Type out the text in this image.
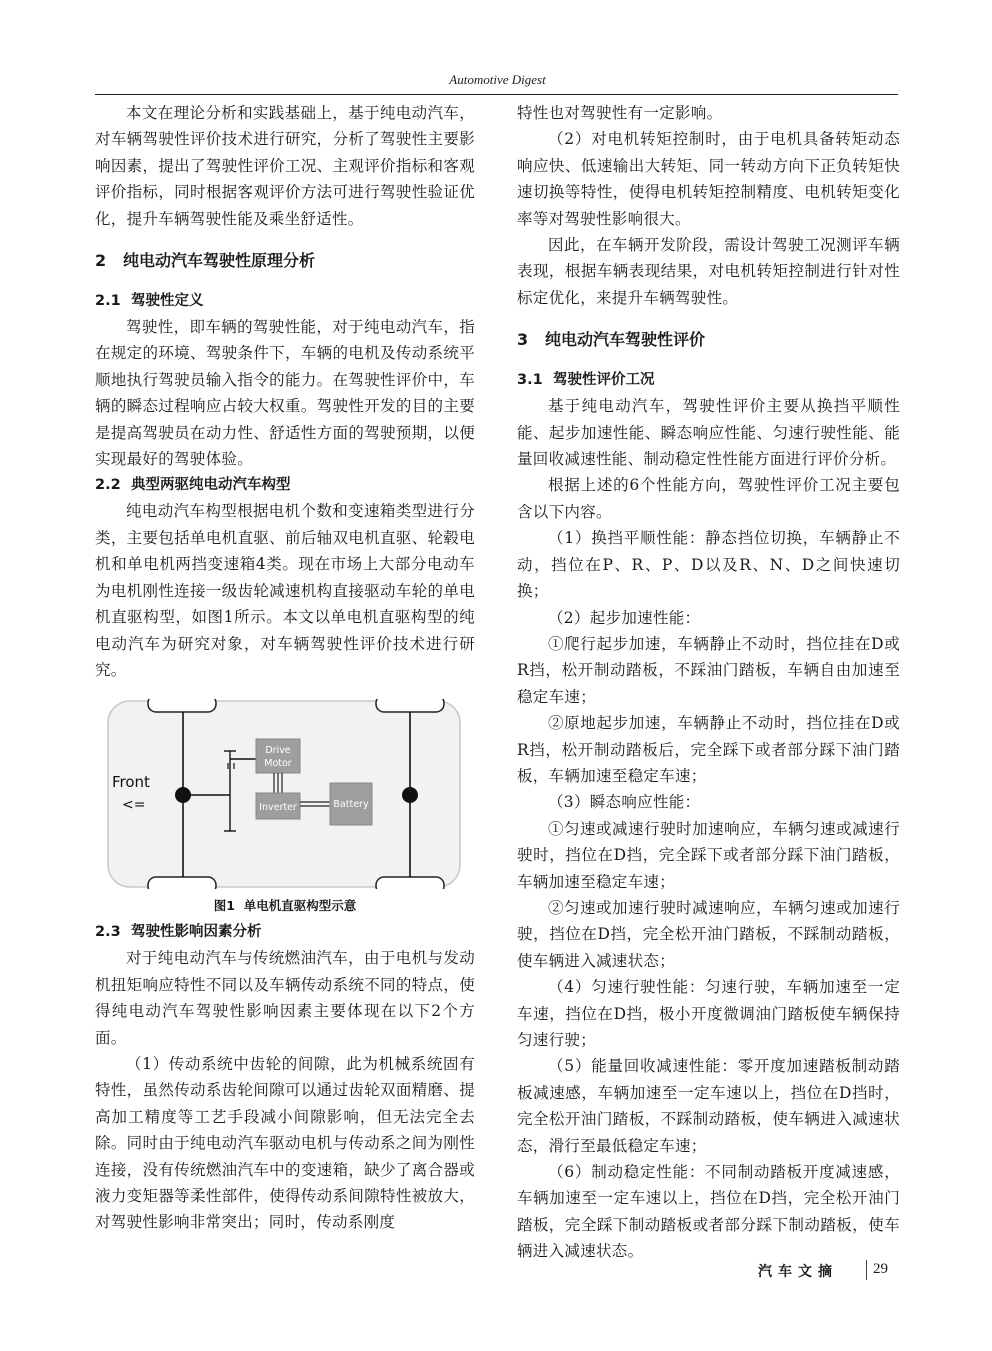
Automotive Digest

本文在理论分析和实践基础上，基于纯电动汽车，对车辆驾驶性评价技术进行研究，分析了驾驶性主要影响因素，提出了驾驶性评价工况、主观评价指标和客观评价指标，同时根据客观评价方法可进行驾驶性验证优化，提升车辆驾驶性能及乘坐舒适性。

2 纯电动汽车驾驶性原理分析
2.1 驾驶性定义

驾驶性，即车辆的驾驶性能，对于纯电动汽车，指在规定的环境、驾驶条件下，车辆的电机及传动系统平顺地执行驾驶员输入指令的能力。在驾驶性评价中，车辆的瞬态过程响应占较大权重。驾驶性开发的目的主要是提高驾驶员在动力性、舒适性方面的驾驶预期，以便实现最好的驾驶体验。

2.2 典型两驱纯电动汽车构型

纯电动汽车构型根据电机个数和变速箱类型进行分类，主要包括单电机直驱、前后轴双电机直驱、轮毂电机和单电机两挡变速箱4类。现在市场上大部分电动车为电机刚性连接一级齿轮减速机构直接驱动车轮的单电机直驱构型，如图1所示。本文以单电机直驱构型的纯电动汽车为研究对象，对车辆驾驶性评价技术进行研究。

Drive
Motor
Inverter	Battery
Front
<=
图1 单电机直驱构型示意
2.3 驾驶性影响因素分析

对于纯电动汽车与传统燃油汽车，由于电机与发动机扭矩响应特性不同以及车辆传动系统不同的特点，使得纯电动汽车驾驶性影响因素主要体现在以下2个方面。

（1）传动系统中齿轮的间隙，此为机械系统固有特性，虽然传动系齿轮间隙可以通过齿轮双面精磨、提高加工精度等工艺手段减小间隙影响，但无法完全去除。同时由于纯电动汽车驱动电机与传动系之间为刚性连接，没有传统燃油汽车中的变速箱，缺少了离合器或液力变矩器等柔性部件，使得传动系间隙特性被放大，对驾驶性影响非常突出；同时，传动系刚度

特性也对驾驶性有一定影响。

（2）对电机转矩控制时，由于电机具备转矩动态响应快、低速输出大转矩、同一转动方向下正负转矩快速切换等特性，使得电机转矩控制精度、电机转矩变化率等对驾驶性影响很大。

因此，在车辆开发阶段，需设计驾驶工况测评车辆表现，根据车辆表现结果，对电机转矩控制进行针对性标定优化，来提升车辆驾驶性。

3 纯电动汽车驾驶性评价
3.1 驾驶性评价工况

基于纯电动汽车，驾驶性评价主要从换挡平顺性能、起步加速性能、瞬态响应性能、匀速行驶性能、能量回收减速性能、制动稳定性性能方面进行评价分析。

根据上述的6个性能方向，驾驶性评价工况主要包含以下内容。

（1）换挡平顺性能：静态挡位切换，车辆静止不动，挡位在P、R、P、D以及R、N、D之间快速切换；

（2）起步加速性能：

①爬行起步加速，车辆静止不动时，挡位挂在D或R挡，松开制动踏板，不踩油门踏板，车辆自由加速至稳定车速；

②原地起步加速，车辆静止不动时，挡位挂在D或R挡，松开制动踏板后，完全踩下或者部分踩下油门踏板，车辆加速至稳定车速；

（3）瞬态响应性能：

①匀速或减速行驶时加速响应，车辆匀速或减速行驶时，挡位在D挡，完全踩下或者部分踩下油门踏板，车辆加速至稳定车速；

②匀速或加速行驶时减速响应，车辆匀速或加速行驶，挡位在D挡，完全松开油门踏板，不踩制动踏板，使车辆进入减速状态；

（4）匀速行驶性能：匀速行驶，车辆加速至一定车速，挡位在D挡，极小开度微调油门踏板使车辆保持匀速行驶；

（5）能量回收减速性能：零开度加速踏板制动踏板减速感，车辆加速至一定车速以上，挡位在D挡时，完全松开油门踏板，不踩制动踏板，使车辆进入减速状态，滑行至最低稳定车速；

（6）制动稳定性能：不同制动踏板开度减速感，车辆加速至一定车速以上，挡位在D挡，完全松开油门踏板，完全踩下制动踏板或者部分踩下制动踏板，使车辆进入减速状态。

汽车文摘 29
